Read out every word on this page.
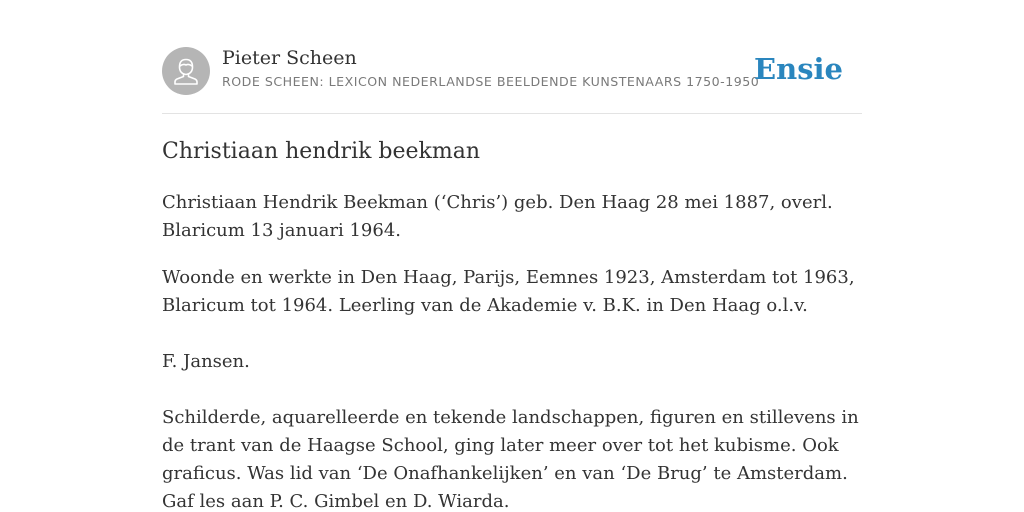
Pieter Scheen
RODE SCHEEN: LEXICON NEDERLANDSE BEELDENDE KUNSTENAARS 1750-1950
Ensie
Christiaan hendrik beekman

Christiaan Hendrik Beekman (‘Chris’) geb. Den Haag 28 mei 1887, overl. Blaricum 13 januari 1964.

Woonde en werkte in Den Haag, Parijs, Eemnes 1923, Amsterdam tot 1963, Blaricum tot 1964. Leerling van de Akademie v. B.K. in Den Haag o.l.v.

F. Jansen.

Schilderde, aquarelleerde en tekende landschappen, figuren en stillevens in de trant van de Haagse School, ging later meer over tot het kubisme. Ook graficus. Was lid van ‘De Onafhankelijken’ en van ‘De Brug’ te Amsterdam. Gaf les aan P. C. Gimbel en D. Wiarda.
